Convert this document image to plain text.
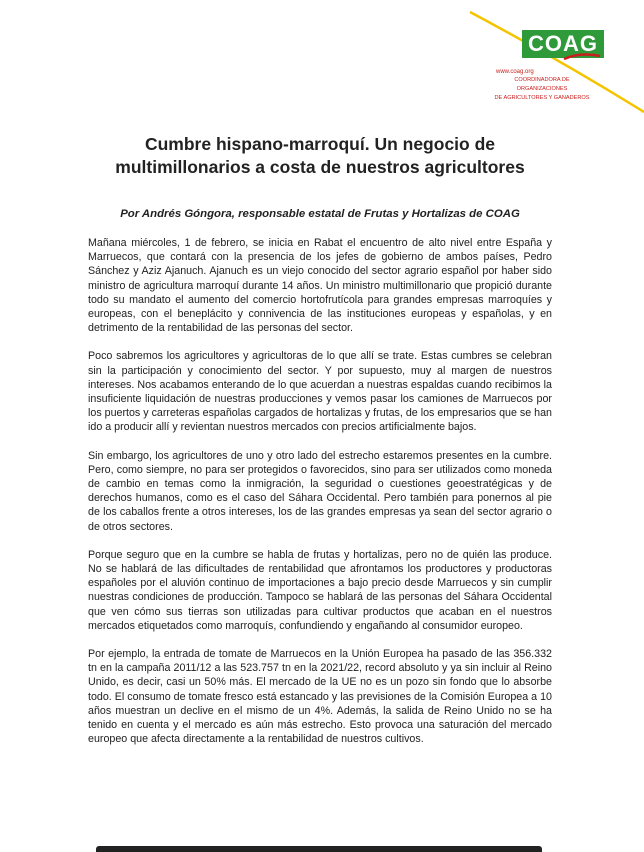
COAG
www.coag.org
COORDINADORA DE ORGANIZACIONES
DE AGRICULTORES Y GANADEROS
Cumbre hispano-marroquí. Un negocio de
multimillonarios a costa de nuestros agricultores
Por Andrés Góngora, responsable estatal de Frutas y Hortalizas de COAG

Mañana miércoles, 1 de febrero, se inicia en Rabat el encuentro de alto nivel entre España y Marruecos, que contará con la presencia de los jefes de gobierno de ambos países, Pedro Sánchez y Aziz Ajanuch. Ajanuch es un viejo conocido del sector agrario español por haber sido ministro de agricultura marroquí durante 14 años. Un ministro multimillonario que propició durante todo su mandato el aumento del comercio hortofrutícola para grandes empresas marroquíes y europeas, con el beneplácito y connivencia de las instituciones europeas y españolas, y en detrimento de la rentabilidad de las personas del sector.

Poco sabremos los agricultores y agricultoras de lo que allí se trate. Estas cumbres se celebran sin la participación y conocimiento del sector. Y por supuesto, muy al margen de nuestros intereses. Nos acabamos enterando de lo que acuerdan a nuestras espaldas cuando recibimos la insuficiente liquidación de nuestras producciones y vemos pasar los camiones de Marruecos por los puertos y carreteras españolas cargados de hortalizas y frutas, de los empresarios que se han ido a producir allí y revientan nuestros mercados con precios artificialmente bajos.

Sin embargo, los agricultores de uno y otro lado del estrecho estaremos presentes en la cumbre. Pero, como siempre, no para ser protegidos o favorecidos, sino para ser utilizados como moneda de cambio en temas como la inmigración, la seguridad o cuestiones geoestratégicas y de derechos humanos, como es el caso del Sáhara Occidental. Pero también para ponernos al pie de los caballos frente a otros intereses, los de las grandes empresas ya sean del sector agrario o de otros sectores.

Porque seguro que en la cumbre se habla de frutas y hortalizas, pero no de quién las produce. No se hablará de las dificultades de rentabilidad que afrontamos los productores y productoras españoles por el aluvión continuo de importaciones a bajo precio desde Marruecos y sin cumplir nuestras condiciones de producción. Tampoco se hablará de las personas del Sáhara Occidental que ven cómo sus tierras son utilizadas para cultivar productos que acaban en el nuestros mercados etiquetados como marroquís, confundiendo y engañando al consumidor europeo.

Por ejemplo, la entrada de tomate de Marruecos en la Unión Europea ha pasado de las 356.332 tn en la campaña 2011/12 a las 523.757 tn en la 2021/22, record absoluto y ya sin incluir al Reino Unido, es decir, casi un 50% más. El mercado de la UE no es un pozo sin fondo que lo absorbe todo. El consumo de tomate fresco está estancado y las previsiones de la Comisión Europea a 10 años muestran un declive en el mismo de un 4%. Además, la salida de Reino Unido no se ha tenido en cuenta y el mercado es aún más estrecho. Esto provoca una saturación del mercado europeo que afecta directamente a la rentabilidad de nuestros cultivos.
